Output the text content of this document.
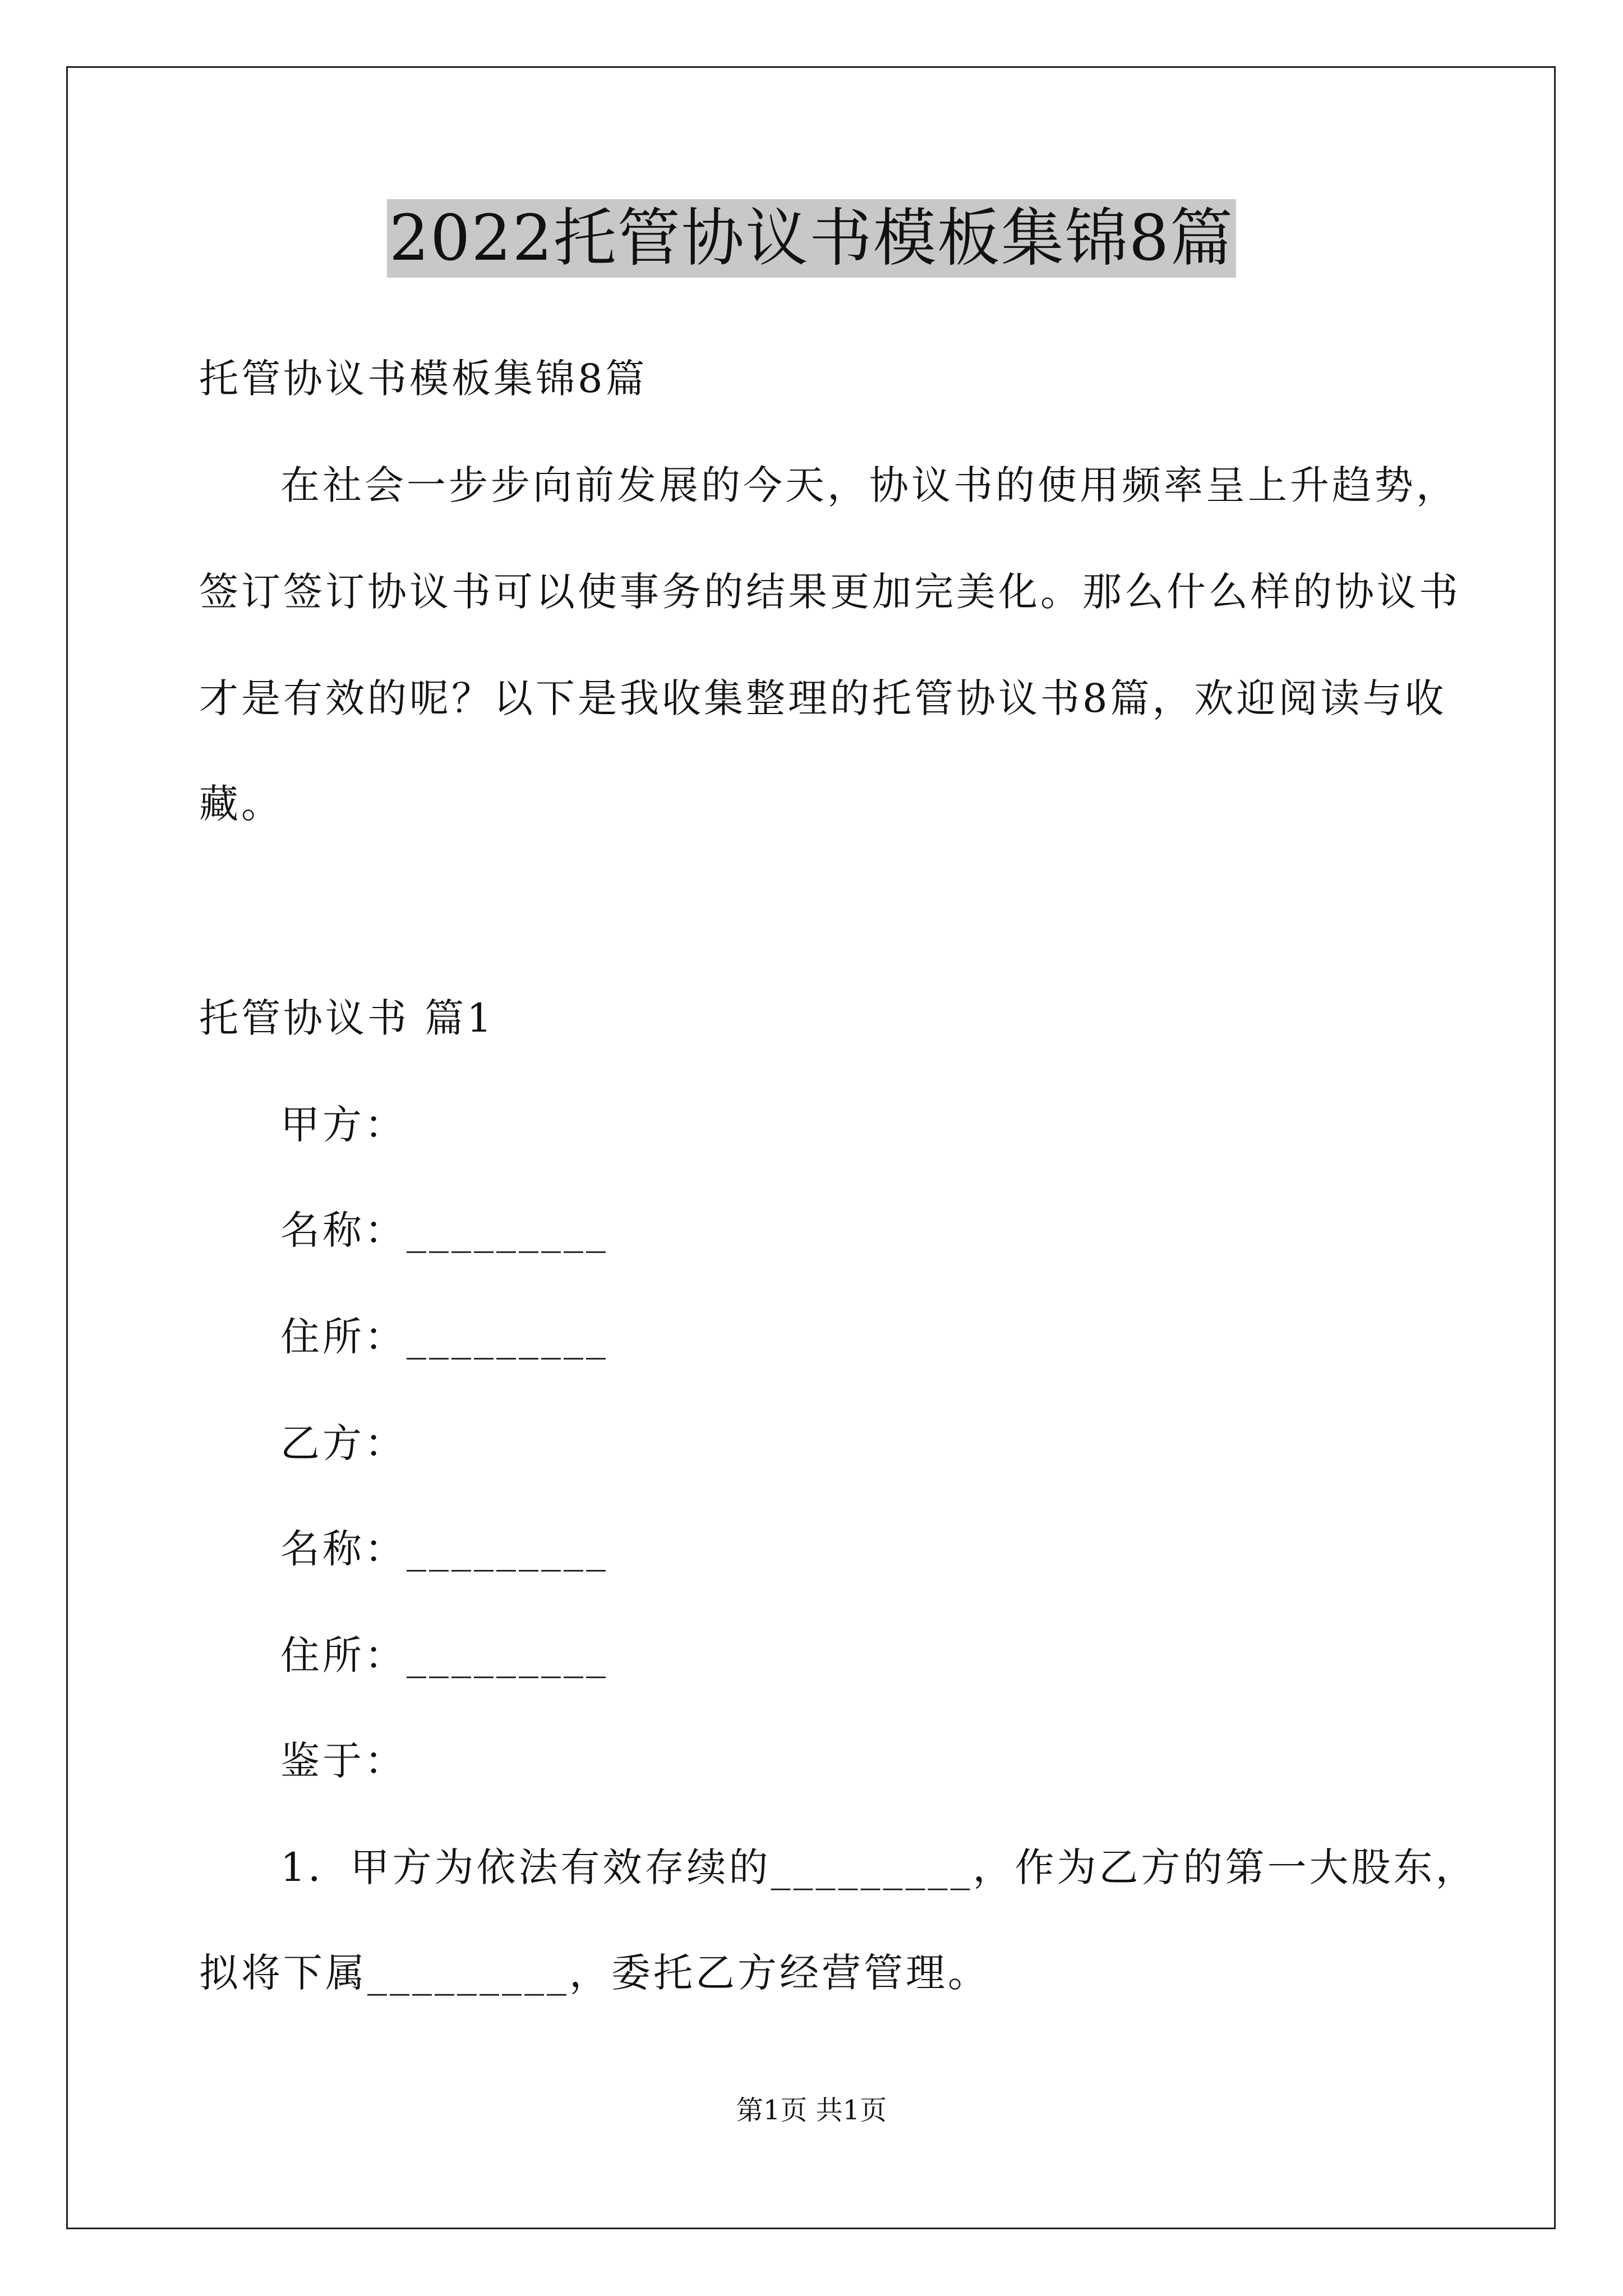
2022托管协议书模板集锦8篇
托管协议书模板集锦8篇
在社会一步步向前发展的今天，协议书的使用频率呈上升趋势，
签订签订协议书可以使事务的结果更加完美化。那么什么样的协议书
才是有效的呢？以下是我收集整理的托管协议书8篇，欢迎阅读与收
藏。
托管协议书 篇1
甲方：
名称：_________
住所：_________
乙方：
名称：_________
住所：_________
鉴于：
1．甲方为依法有效存续的_________，作为乙方的第一大股东，
拟将下属_________，委托乙方经营管理。
第1页 共1页
